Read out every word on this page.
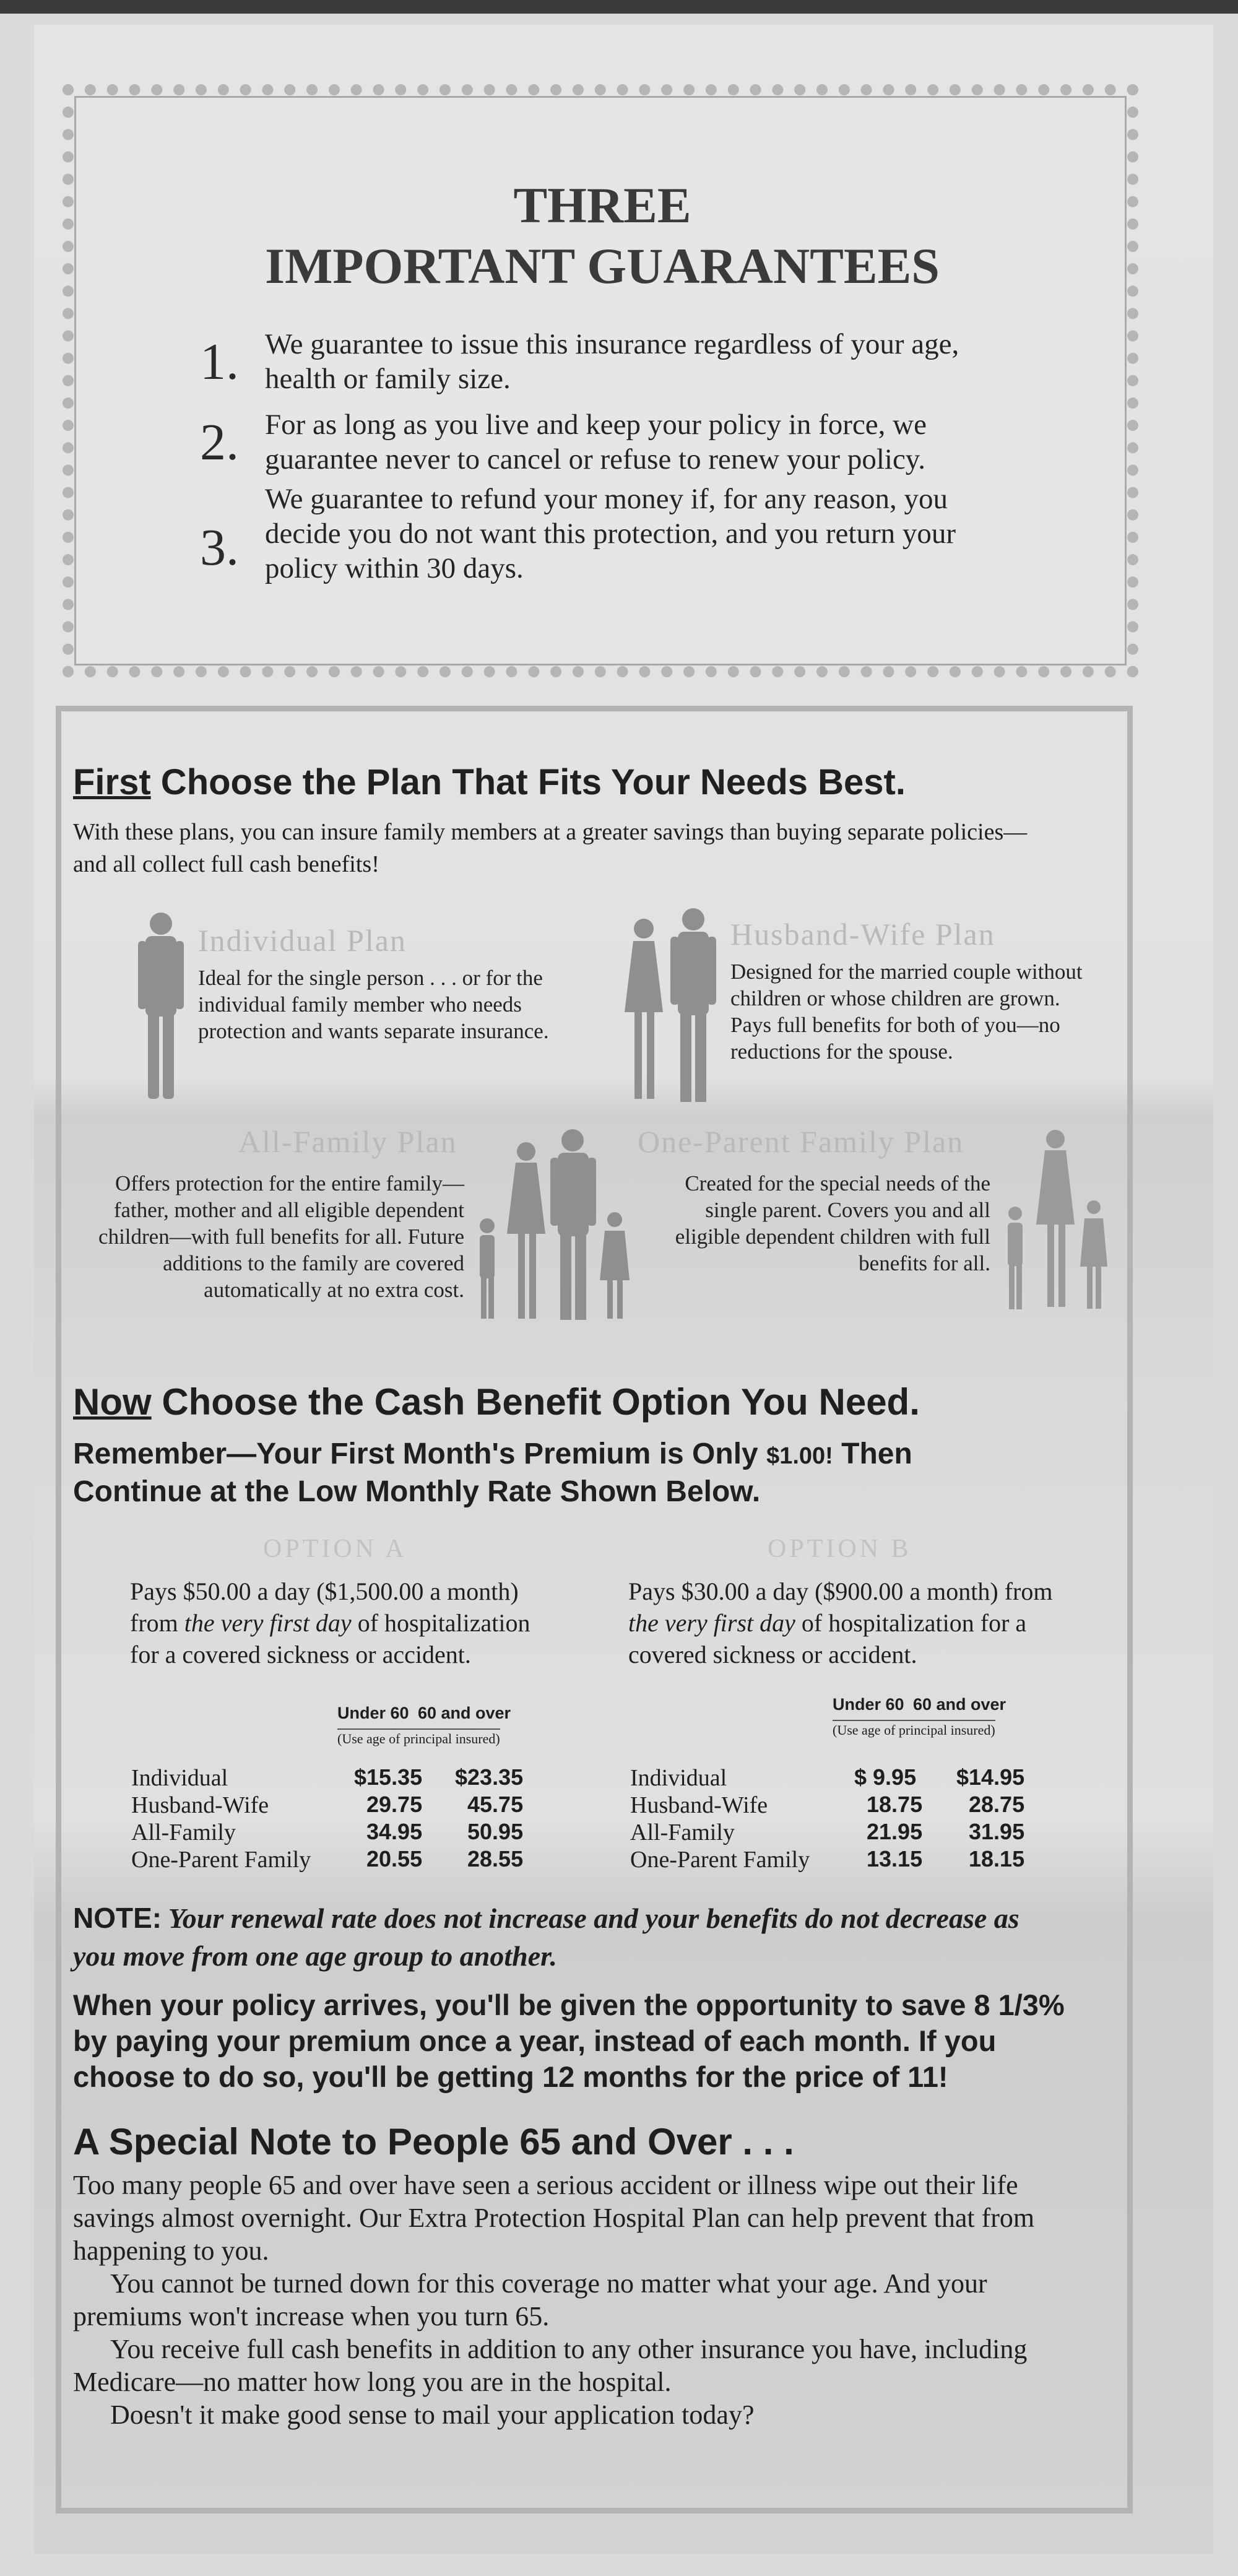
THREE
IMPORTANT GUARANTEES
1. We guarantee to issue this insurance regardless of your age, health or family size.
2. For as long as you live and keep your policy in force, we guarantee never to cancel or refuse to renew your policy.
3.
We guarantee to refund your money if, for any reason, you decide you do not want this protection, and you return your policy within 30 days.
First Choose the Plan That Fits Your Needs Best.
With these plans, you can insure family members at a greater savings than buying separate policies—and all collect full cash benefits!
Individual Plan
Ideal for the single person . . . or for the individual family member who needs protection and wants separate insurance.
Husband-Wife Plan
Designed for the married couple without children or whose children are grown. Pays full benefits for both of you—no reductions for the spouse.
All-Family Plan
Offers protection for the entire family—father, mother and all eligible dependent children—with full benefits for all. Future additions to the family are covered automatically at no extra cost.
One-Parent Family Plan
Created for the special needs of the single parent. Covers you and all eligible dependent children with full benefits for all.
Now Choose the Cash Benefit Option You Need.
Remember—Your First Month's Premium is Only $1.00! Then Continue at the Low Monthly Rate Shown Below.
OPTION A
Pays $50.00 a day ($1,500.00 a month) from the very first day of hospitalization for a covered sickness or accident.
Under 60 60 and over
(Use age of principal insured)
Individual	$15.35 $23.35
Husband-Wife	29.75 45.75
All-Family	34.95 50.95
One-Parent Family 20.55 28.55
OPTION B
Pays $30.00 a day ($900.00 a month) from the very first day of hospitalization for a covered sickness or accident.
Under 60 60 and over
(Use age of principal insured)
Individual	$ 9.95 $14.95
Husband-Wife	18.75 28.75
All-Family	21.95 31.95
One-Parent Family	13.15 18.15
NOTE: Your renewal rate does not increase and your benefits do not decrease as you move from one age group to another.
When your policy arrives, you'll be given the opportunity to save 8 1/3% by paying your premium once a year, instead of each month. If you choose to do so, you'll be getting 12 months for the price of 11!
A Special Note to People 65 and Over . . .

Too many people 65 and over have seen a serious accident or illness wipe out their life savings almost overnight. Our Extra Protection Hospital Plan can help prevent that from happening to you.

You cannot be turned down for this coverage no matter what your age. And your premiums won't increase when you turn 65.

You receive full cash benefits in addition to any other insurance you have, including Medicare—no matter how long you are in the hospital.

Doesn't it make good sense to mail your application today?
